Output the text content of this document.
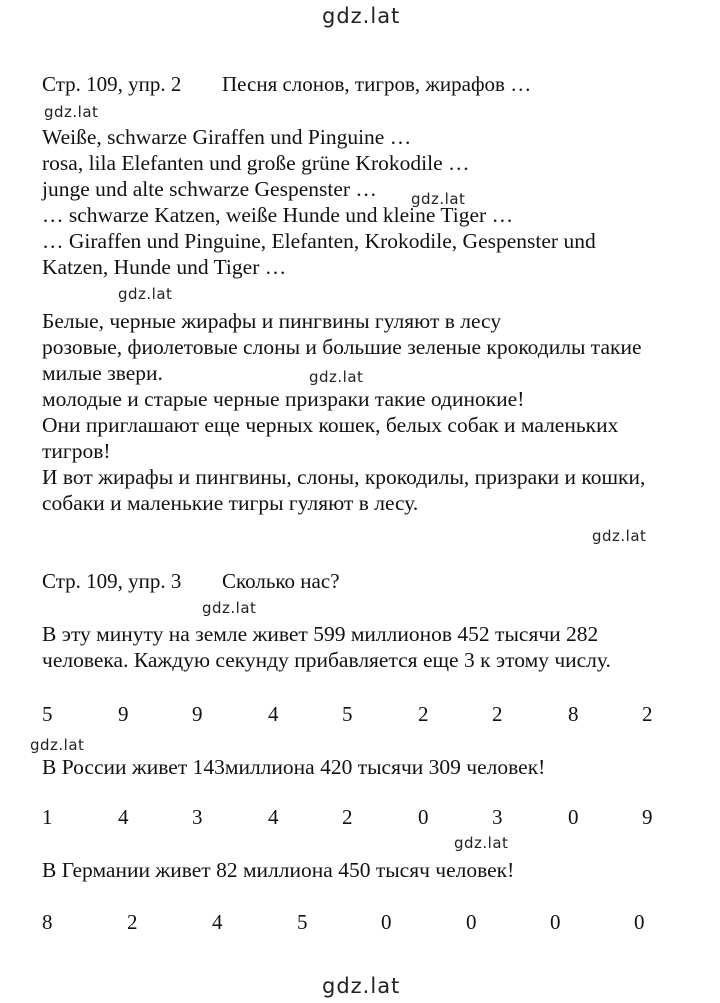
gdz.lat
gdz.lat
gdz.lat
gdz.lat
gdz.lat
gdz.lat
gdz.lat
gdz.lat
gdz.lat
gdz.lat
Стр. 109, упр. 2 Песня слонов, тигров, жирафов …
Weiße, schwarze Giraffen und Pinguine …
rosa, lila Elefanten und große grüne Krokodile …
junge und alte schwarze Gespenster …
… schwarze Katzen, weiße Hunde und kleine Tiger …
… Giraffen und Pinguine, Elefanten, Krokodile, Gespenster und
Katzen, Hunde und Tiger …
Белые, черные жирафы и пингвины гуляют в лесу
розовые, фиолетовые слоны и большие зеленые крокодилы такие
милые звери.
молодые и старые черные призраки такие одинокие!
Они приглашают еще черных кошек, белых собак и маленьких
тигров!
И вот жирафы и пингвины, слоны, крокодилы, призраки и кошки,
собаки и маленькие тигры гуляют в лесу.
Стр. 109, упр. 3 Сколько нас?
В эту минуту на земле живет 599 миллионов 452 тысячи 282
человека. Каждую секунду прибавляется еще 3 к этому числу.
5	9	9	4	5	2	2	8	2
В России живет 143миллиона 420 тысячи 309 человек!
1	4	3	4	2	0	3	0	9
В Германии живет 82 миллиона 450 тысяч человек!
8	2	4	5	0	0	0	0
